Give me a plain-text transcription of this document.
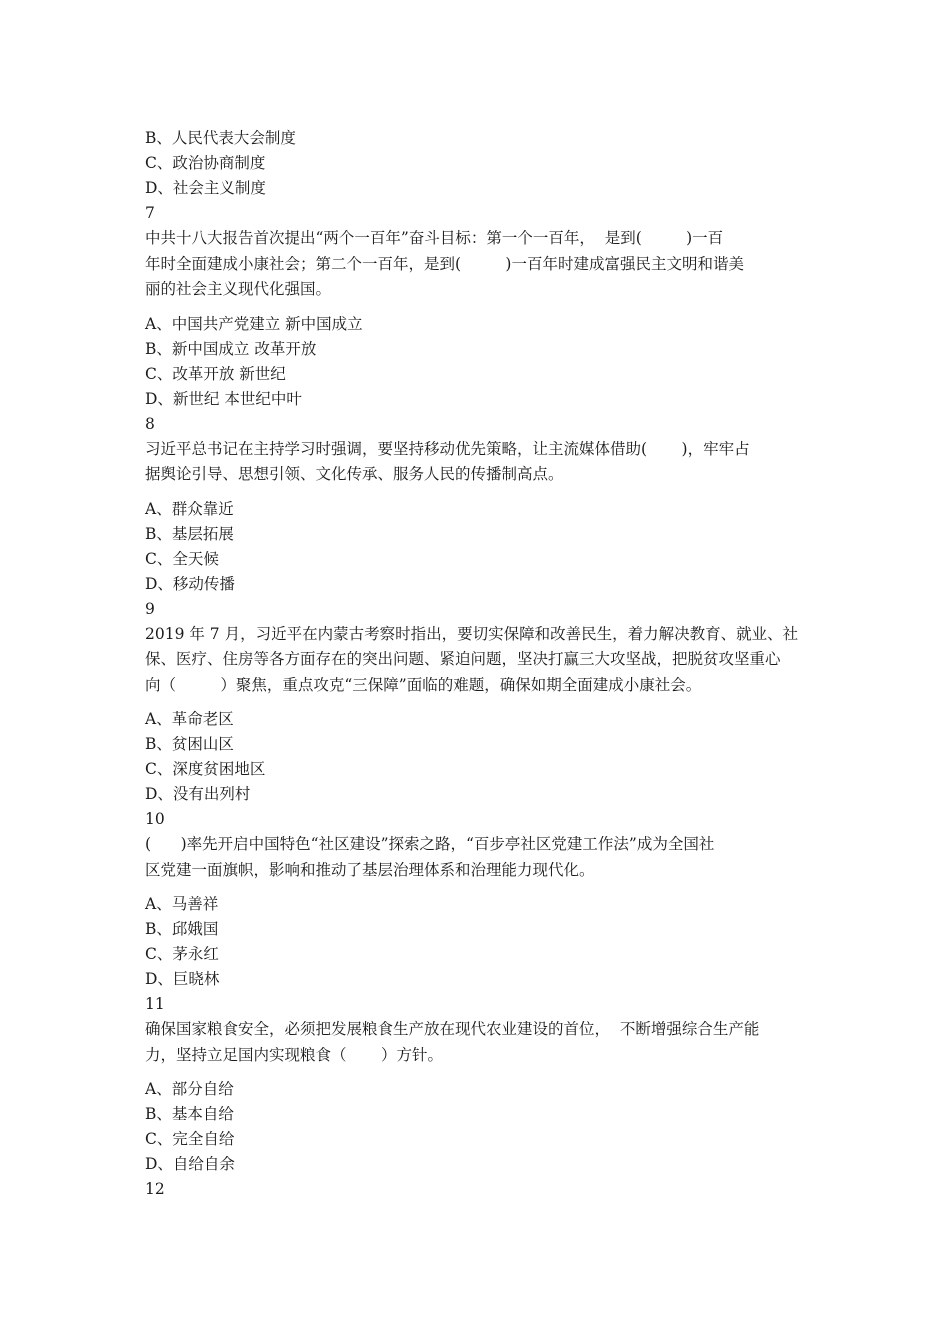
B、人民代表大会制度
C、政治协商制度
D、社会主义制度
7
中共十八大报告首次提出“两个一百年”奋斗目标：第一个一百年，  是到(         )一百
年时全面建成小康社会；第二个一百年，是到(         )一百年时建成富强民主文明和谐美
丽的社会主义现代化强国。
A、中国共产党建立 新中国成立
B、新中国成立 改革开放
C、改革开放 新世纪
D、新世纪 本世纪中叶
8
习近平总书记在主持学习时强调，要坚持移动优先策略，让主流媒体借助(       )，牢牢占
据舆论引导、思想引领、文化传承、服务人民的传播制高点。
A、群众靠近
B、基层拓展
C、全天候
D、移动传播
9
2019 年 7 月，习近平在内蒙古考察时指出，要切实保障和改善民生，着力解决教育、就业、社
保、医疗、住房等各方面存在的突出问题、紧迫问题，坚决打赢三大攻坚战，把脱贫攻坚重心
向（         ）聚焦，重点攻克“三保障”面临的难题，确保如期全面建成小康社会。
A、革命老区
B、贫困山区
C、深度贫困地区
D、没有出列村
10
(      )率先开启中国特色“社区建设”探索之路，“百步亭社区党建工作法”成为全国社
区党建一面旗帜，影响和推动了基层治理体系和治理能力现代化。
A、马善祥
B、邱娥国
C、茅永红
D、巨晓林
11
确保国家粮食安全，必须把发展粮食生产放在现代农业建设的首位，  不断增强综合生产能
力，坚持立足国内实现粮食（       ）方针。
A、部分自给
B、基本自给
C、完全自给
D、自给自余
12
